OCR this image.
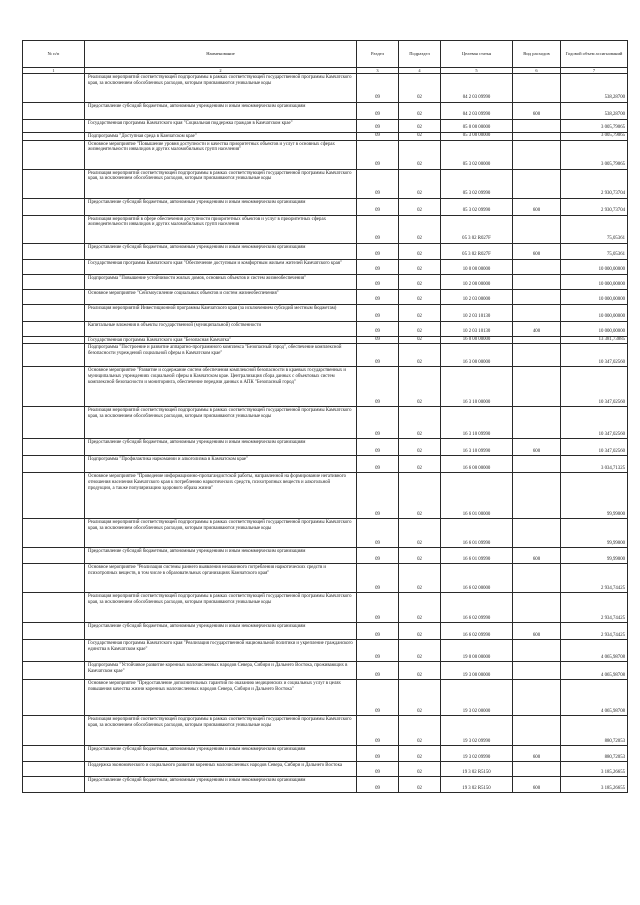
№ п/п	Наименование	Раздел	Подраздел	Целевая статья	Вид расходов	Годовой объем ассигнований
1	2	3	4	5	6	7
	Реализация мероприятий соответствующей подпрограммы в рамках соответствующей государственной программы Камчатского края, за исключением обособленных расходов, которым присваиваются уникальные коды	09	02	04 2 03 09990		538,28700
	Предоставление субсидий бюджетным, автономным учреждениям и иным некоммерческим организациям	09	02	04 2 03 09990	600	538,28700
	Государственная программа Камчатского края "Социальная поддержка граждан в Камчатском крае"	09	02	05 0 00 00000		3 005,79065
	Подпрограмма "Доступная среда в Камчатском крае"	09	02	05 3 00 00000		3 005,79065
	Основное мероприятие "Повышение уровня доступности и качества приоритетных объектов и услуг в основных сферах жизнедеятельности инвалидов и других маломобильных групп населения"	09	02	05 3 02 00000		3 005,79065
	Реализация мероприятий соответствующей подпрограммы в рамках соответствующей государственной программы Камчатского края, за исключением обособленных расходов, которым присваиваются уникальные коды	09	02	05 3 02 09990		2 930,73704
	Предоставление субсидий бюджетным, автономным учреждениям и иным некоммерческим организациям	09	02	05 3 02 09990	600	2 930,73704
	Реализация мероприятий в сфере обеспечения доступности приоритетных объектов и услуг в приоритетных сферах жизнедеятельности инвалидов и других маломобильных групп населения	09	02	05 3 02 R027F		75,05361
	Предоставление субсидий бюджетным, автономным учреждениям и иным некоммерческим организациям	09	02	05 3 02 R027F	600	75,05361
	Государственная программа Камчатского края "Обеспечение доступным и комфортным жильем жителей Камчатского края"	09	02	10 0 00 00000		10 000,00000
	Подпрограмма "Повышение устойчивости жилых домов, основных объектов и систем жизнеобеспечения"	09	02	10 2 00 00000		10 000,00000
	Основное мероприятие "Сейсмоусиление социальных объектов и систем жизнеобеспечения"	09	02	10 2 03 00000		10 000,00000
	Реализация мероприятий Инвестиционной программы Камчатского края (за исключением субсидий местным бюджетам)	09	02	10 2 03 10130		10 000,00000
	Капитальные вложения в объекты государственной (муниципальной) собственности	09	02	10 2 03 10130	400	10 000,00000
	Государственная программа Камчатского края "Безопасная Камчатка"	09	02	16 0 00 00000		13 381,73885
	Подпрограмма "Построение и развитие аппаратно-программного комплекса "Безопасный город", обеспечение комплексной безопасности учреждений социальной сферы в Камчатском крае"	09	02	16 3 00 00000		10 347,02560
	Основное мероприятие "Развитие и содержание систем обеспечения комплексной безопасности в краевых государственных и муниципальных учреждениях социальной сферы в Камчатском крае. Централизация сбора данных с объектовых систем комплексной безопасности и мониторинга, обеспечение передачи данных в АПК "Безопасный город"	09	02	16 3 10 00000		10 347,02560
	Реализация мероприятий соответствующей подпрограммы в рамках соответствующей государственной программы Камчатского края, за исключением обособленных расходов, которым присваиваются уникальные коды	09	02	16 3 10 09990		10 347,02560
	Предоставление субсидий бюджетным, автономным учреждениям и иным некоммерческим организациям	09	02	16 3 10 09990	600	10 347,02560
	Подпрограмма "Профилактика наркомании и алкоголизма в Камчатском крае"	09	02	16 6 00 00000		3 034,71325
	Основное мероприятие "Проведение информационно-пропагандистской работы, направленной на формирование негативного отношения населения Камчатского края к потреблению наркотических средств, психотропных веществ и алкогольной продукции, а также популяризацию здорового образа жизни"	09	02	16 6 01 00000		99,99000
	Реализация мероприятий соответствующей подпрограммы в рамках соответствующей государственной программы Камчатского края, за исключением обособленных расходов, которым присваиваются уникальные коды	09	02	16 6 01 09990		99,99000
	Предоставление субсидий бюджетным, автономным учреждениям и иным некоммерческим организациям	09	02	16 6 01 09990	600	99,99000
	Основное мероприятие "Реализация системы раннего выявления незаконного потребления наркотических средств и психотропных веществ, в том числе в образовательных организациях Камчатского края"	09	02	16 6 02 00000		2 934,74425
	Реализация мероприятий соответствующей подпрограммы в рамках соответствующей государственной программы Камчатского края, за исключением обособленных расходов, которым присваиваются уникальные коды	09	02	16 6 02 09990		2 934,74425
	Предоставление субсидий бюджетным, автономным учреждениям и иным некоммерческим организациям	09	02	16 6 02 09990	600	2 934,74425
	Государственная программа Камчатского края "Реализация государственной национальной политики и укрепление гражданского единства в Камчатском крае"	09	02	19 0 00 00000		4 065,98708
	Подпрограмма "Устойчивое развитие коренных малочисленных народов Севера, Сибири и Дальнего Востока, проживающих в Камчатском крае"	09	02	19 3 00 00000		4 065,98708
	Основное мероприятие "Предоставление дополнительных гарантий по оказанию медицинских и социальных услуг в целях повышения качества жизни коренных малочисленных народов Севера, Сибири и Дальнего Востока"	09	02	19 3 02 00000		4 065,98708
	Реализация мероприятий соответствующей подпрограммы в рамках соответствующей государственной программы Камчатского края, за исключением обособленных расходов, которым присваиваются уникальные коды	09	02	19 3 02 09990		880,72053
	Предоставление субсидий бюджетным, автономным учреждениям и иным некоммерческим организациям	09	02	19 3 02 09990	600	880,72053
	Поддержка экономического и социального развития коренных малочисленных народов Севера, Сибири и Дальнего Востока	09	02	19 3 02 R5150		3 185,26655
	Предоставление субсидий бюджетным, автономным учреждениям и иным некоммерческим организациям	09	02	19 3 02 R5150	600	3 185,26655
